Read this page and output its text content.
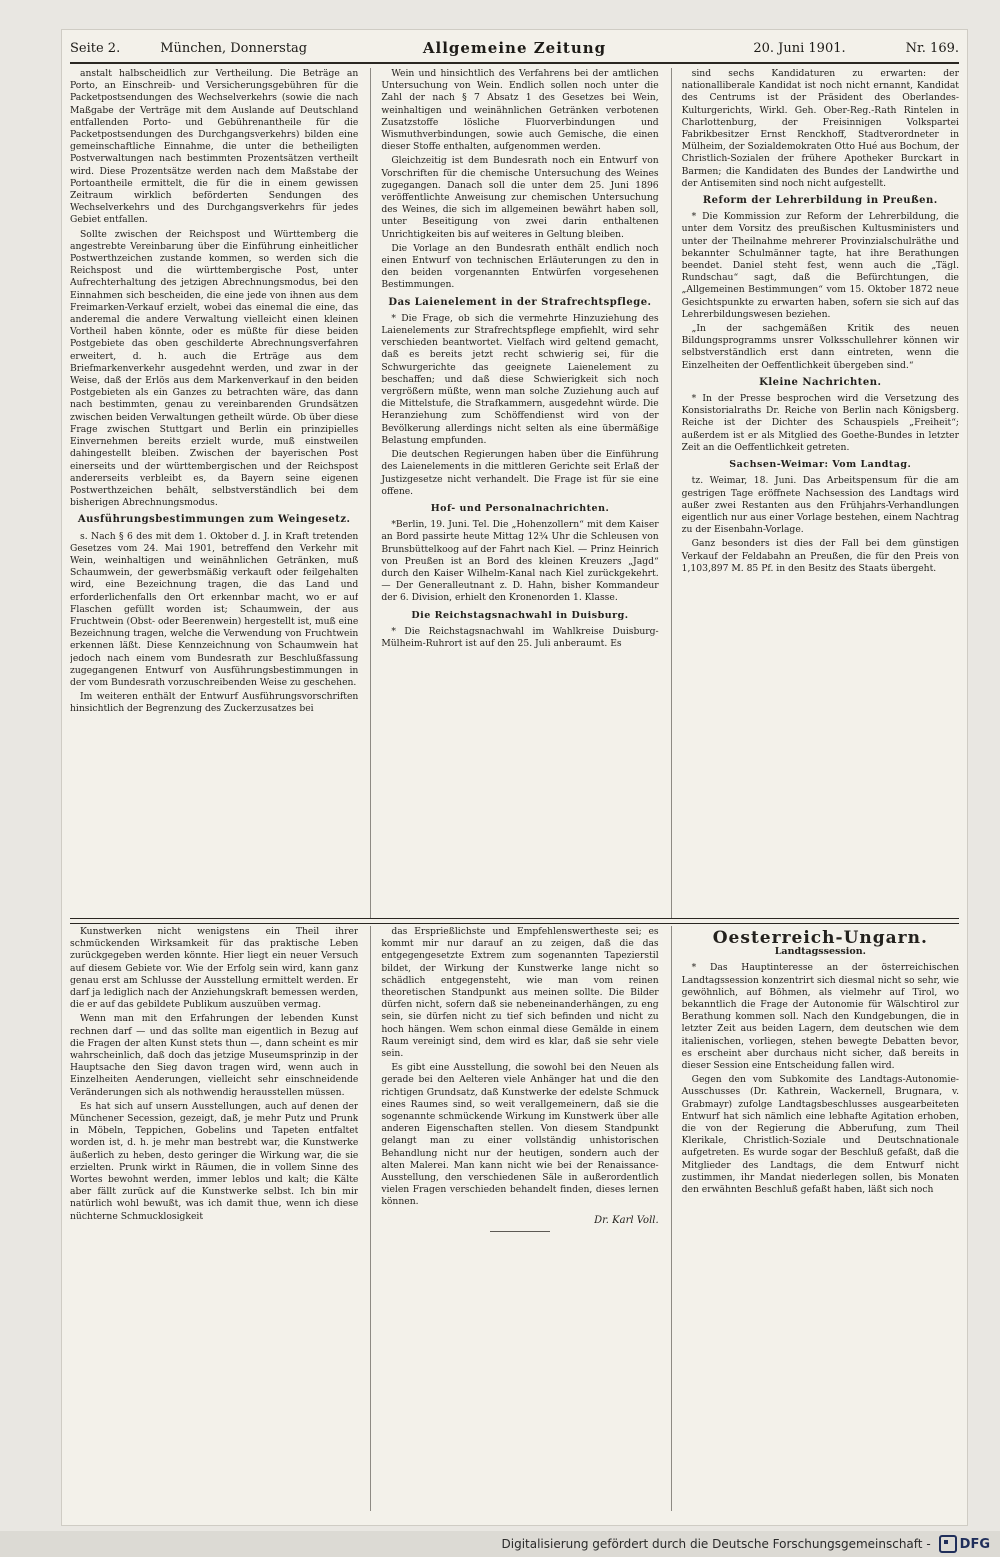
Seite 2.	München, Donnerstag	Allgemeine Zeitung	20. Juni 1901.	Nr. 169.

anstalt halbscheidlich zur Vertheilung. Die Beträge an Porto, an Einschreib- und Versicherungsgebühren für die Packetpostsendungen des Wechselverkehrs (sowie die nach Maßgabe der Verträge mit dem Auslande auf Deutschland entfallenden Porto- und Gebührenantheile für die Packetpostsendungen des Durchgangsverkehrs) bilden eine gemeinschaftliche Einnahme, die unter die betheiligten Postverwaltungen nach bestimmten Prozentsätzen vertheilt wird. Diese Prozentsätze werden nach dem Maßstabe der Portoantheile ermittelt, die für die in einem gewissen Zeitraum wirklich beförderten Sendungen des Wechselverkehrs und des Durchgangsverkehrs für jedes Gebiet entfallen.

Sollte zwischen der Reichspost und Württemberg die angestrebte Vereinbarung über die Einführung einheitlicher Postwerthzeichen zustande kommen, so werden sich die Reichspost und die württembergische Post, unter Aufrechterhaltung des jetzigen Abrechnungsmodus, bei den Einnahmen sich bescheiden, die eine jede von ihnen aus dem Freimarken-Verkauf erzielt, wobei das einemal die eine, das anderemal die andere Verwaltung vielleicht einen kleinen Vortheil haben könnte, oder es müßte für diese beiden Postgebiete das oben geschilderte Abrechnungsverfahren erweitert, d. h. auch die Erträge aus dem Briefmarkenverkehr ausgedehnt werden, und zwar in der Weise, daß der Erlös aus dem Markenverkauf in den beiden Postgebieten als ein Ganzes zu betrachten wäre, das dann nach bestimmten, genau zu vereinbarenden Grundsätzen zwischen beiden Verwaltungen getheilt würde. Ob über diese Frage zwischen Stuttgart und Berlin ein prinzipielles Einvernehmen bereits erzielt wurde, muß einstweilen dahingestellt bleiben. Zwischen der bayerischen Post einerseits und der württembergischen und der Reichspost andererseits verbleibt es, da Bayern seine eigenen Postwerthzeichen behält, selbstverständlich bei dem bisherigen Abrechnungsmodus.

Ausführungsbestimmungen zum Weingesetz.

s. Nach § 6 des mit dem 1. Oktober d. J. in Kraft tretenden Gesetzes vom 24. Mai 1901, betreffend den Verkehr mit Wein, weinhaltigen und weinähnlichen Getränken, muß Schaumwein, der gewerbsmäßig verkauft oder feilgehalten wird, eine Bezeichnung tragen, die das Land und erforderlichenfalls den Ort erkennbar macht, wo er auf Flaschen gefüllt worden ist; Schaumwein, der aus Fruchtwein (Obst- oder Beerenwein) hergestellt ist, muß eine Bezeichnung tragen, welche die Verwendung von Fruchtwein erkennen läßt. Diese Kennzeichnung von Schaumwein hat jedoch nach einem vom Bundesrath zur Beschlußfassung zugegangenen Entwurf von Ausführungsbestimmungen in der vom Bundesrath vorzuschreibenden Weise zu geschehen.

Im weiteren enthält der Entwurf Ausführungsvorschriften hinsichtlich der Begrenzung des Zuckerzusatzes bei

Wein und hinsichtlich des Verfahrens bei der amtlichen Untersuchung von Wein. Endlich sollen noch unter die Zahl der nach § 7 Absatz 1 des Gesetzes bei Wein, weinhaltigen und weinähnlichen Getränken verbotenen Zusatzstoffe lösliche Fluorverbindungen und Wismuthverbindungen, sowie auch Gemische, die einen dieser Stoffe enthalten, aufgenommen werden.

Gleichzeitig ist dem Bundesrath noch ein Entwurf von Vorschriften für die chemische Untersuchung des Weines zugegangen. Danach soll die unter dem 25. Juni 1896 veröffentlichte Anweisung zur chemischen Untersuchung des Weines, die sich im allgemeinen bewährt haben soll, unter Beseitigung von zwei darin enthaltenen Unrichtigkeiten bis auf weiteres in Geltung bleiben.

Die Vorlage an den Bundesrath enthält endlich noch einen Entwurf von technischen Erläuterungen zu den in den beiden vorgenannten Entwürfen vorgesehenen Bestimmungen.

Das Laienelement in der Strafrechtspflege.

* Die Frage, ob sich die vermehrte Hinzuziehung des Laienelements zur Strafrechtspflege empfiehlt, wird sehr verschieden beantwortet. Vielfach wird geltend gemacht, daß es bereits jetzt recht schwierig sei, für die Schwurgerichte das geeignete Laienelement zu beschaffen; und daß diese Schwierigkeit sich noch vergrößern müßte, wenn man solche Zuziehung auch auf die Mittelstufe, die Strafkammern, ausgedehnt würde. Die Heranziehung zum Schöffendienst wird von der Bevölkerung allerdings nicht selten als eine übermäßige Belastung empfunden.

Die deutschen Regierungen haben über die Einführung des Laienelements in die mittleren Gerichte seit Erlaß der Justizgesetze nicht verhandelt. Die Frage ist für sie eine offene.

Hof- und Personalnachrichten.

*Berlin, 19. Juni. Tel. Die „Hohenzollern“ mit dem Kaiser an Bord passirte heute Mittag 12¾ Uhr die Schleusen von Brunsbüttelkoog auf der Fahrt nach Kiel. — Prinz Heinrich von Preußen ist an Bord des kleinen Kreuzers „Jagd“ durch den Kaiser Wilhelm-Kanal nach Kiel zurückgekehrt. — Der Generalleutnant z. D. Hahn, bisher Kommandeur der 6. Division, erhielt den Kronenorden 1. Klasse.

Die Reichstagsnachwahl in Duisburg.

* Die Reichstagsnachwahl im Wahlkreise Duisburg-Mülheim-Ruhrort ist auf den 25. Juli anberaumt. Es

sind sechs Kandidaturen zu erwarten: der nationalliberale Kandidat ist noch nicht ernannt, Kandidat des Centrums ist der Präsident des Oberlandes-Kulturgerichts, Wirkl. Geh. Ober-Reg.-Rath Rintelen in Charlottenburg, der Freisinnigen Volkspartei Fabrikbesitzer Ernst Renckhoff, Stadtverordneter in Mülheim, der Sozialdemokraten Otto Hué aus Bochum, der Christlich-Sozialen der frühere Apotheker Burckart in Barmen; die Kandidaten des Bundes der Landwirthe und der Antisemiten sind noch nicht aufgestellt.

Reform der Lehrerbildung in Preußen.

* Die Kommission zur Reform der Lehrerbildung, die unter dem Vorsitz des preußischen Kultusministers und unter der Theilnahme mehrerer Provinzialschulräthe und bekannter Schulmänner tagte, hat ihre Berathungen beendet. Daniel steht fest, wenn auch die „Tägl. Rundschau“ sagt, daß die Befürchtungen, die „Allgemeinen Bestimmungen“ vom 15. Oktober 1872 neue Gesichtspunkte zu erwarten haben, sofern sie sich auf das Lehrerbildungswesen beziehen.

„In der sachgemäßen Kritik des neuen Bildungsprogramms unsrer Volksschullehrer können wir selbstverständlich erst dann eintreten, wenn die Einzelheiten der Oeffentlichkeit übergeben sind.“

Kleine Nachrichten.

* In der Presse besprochen wird die Versetzung des Konsistorialraths Dr. Reiche von Berlin nach Königsberg. Reiche ist der Dichter des Schauspiels „Freiheit“; außerdem ist er als Mitglied des Goethe-Bundes in letzter Zeit an die Oeffentlichkeit getreten.

Sachsen-Weimar: Vom Landtag.

tz. Weimar, 18. Juni. Das Arbeitspensum für die am gestrigen Tage eröffnete Nachsession des Landtags wird außer zwei Restanten aus den Frühjahrs-Verhandlungen eigentlich nur aus einer Vorlage bestehen, einem Nachtrag zu der Eisenbahn-Vorlage.

Ganz besonders ist dies der Fall bei dem günstigen Verkauf der Feldabahn an Preußen, die für den Preis von 1,103,897 M. 85 Pf. in den Besitz des Staats übergeht.

Kunstwerken nicht wenigstens ein Theil ihrer schmückenden Wirksamkeit für das praktische Leben zurückgegeben werden könnte. Hier liegt ein neuer Versuch auf diesem Gebiete vor. Wie der Erfolg sein wird, kann ganz genau erst am Schlusse der Ausstellung ermittelt werden. Er darf ja lediglich nach der Anziehungskraft bemessen werden, die er auf das gebildete Publikum auszuüben vermag.

Wenn man mit den Erfahrungen der lebenden Kunst rechnen darf — und das sollte man eigentlich in Bezug auf die Fragen der alten Kunst stets thun —, dann scheint es mir wahrscheinlich, daß doch das jetzige Museumsprinzip in der Hauptsache den Sieg davon tragen wird, wenn auch in Einzelheiten Aenderungen, vielleicht sehr einschneidende Veränderungen sich als nothwendig herausstellen müssen.

Es hat sich auf unsern Ausstellungen, auch auf denen der Münchener Secession, gezeigt, daß, je mehr Putz und Prunk in Möbeln, Teppichen, Gobelins und Tapeten entfaltet worden ist, d. h. je mehr man bestrebt war, die Kunstwerke äußerlich zu heben, desto geringer die Wirkung war, die sie erzielten. Prunk wirkt in Räumen, die in vollem Sinne des Wortes bewohnt werden, immer leblos und kalt; die Kälte aber fällt zurück auf die Kunstwerke selbst. Ich bin mir natürlich wohl bewußt, was ich damit thue, wenn ich diese nüchterne Schmucklosigkeit

das Ersprießlichste und Empfehlenswertheste sei; es kommt mir nur darauf an zu zeigen, daß die das entgegengesetzte Extrem zum sogenannten Tapezierstil bildet, der Wirkung der Kunstwerke lange nicht so schädlich entgegensteht, wie man vom reinen theoretischen Standpunkt aus meinen sollte. Die Bilder dürfen nicht, sofern daß sie nebeneinanderhängen, zu eng sein, sie dürfen nicht zu tief sich befinden und nicht zu hoch hängen. Wem schon einmal diese Gemälde in einem Raum vereinigt sind, dem wird es klar, daß sie sehr viele sein.

Es gibt eine Ausstellung, die sowohl bei den Neuen als gerade bei den Aelteren viele Anhänger hat und die den richtigen Grundsatz, daß Kunstwerke der edelste Schmuck eines Raumes sind, so weit verallgemeinern, daß sie die sogenannte schmückende Wirkung im Kunstwerk über alle anderen Eigenschaften stellen. Von diesem Standpunkt gelangt man zu einer vollständig unhistorischen Behandlung nicht nur der heutigen, sondern auch der alten Malerei. Man kann nicht wie bei der Renaissance-Ausstellung, den verschiedenen Säle in außerordentlich vielen Fragen verschieden behandelt finden, dieses lernen können.

Dr. Karl Voll.
Oesterreich-Ungarn.
Landtagssession.

* Das Hauptinteresse an der österreichischen Landtagssession konzentrirt sich diesmal nicht so sehr, wie gewöhnlich, auf Böhmen, als vielmehr auf Tirol, wo bekanntlich die Frage der Autonomie für Wälschtirol zur Berathung kommen soll. Nach den Kundgebungen, die in letzter Zeit aus beiden Lagern, dem deutschen wie dem italienischen, vorliegen, stehen bewegte Debatten bevor, es erscheint aber durchaus nicht sicher, daß bereits in dieser Session eine Entscheidung fallen wird.

Gegen den vom Subkomite des Landtags-Autonomie-Ausschusses (Dr. Kathrein, Wackernell, Brugnara, v. Grabmayr) zufolge Landtagsbeschlusses ausgearbeiteten Entwurf hat sich nämlich eine lebhafte Agitation erhoben, die von der Regierung die Abberufung, zum Theil Klerikale, Christlich-Soziale und Deutschnationale aufgetreten. Es wurde sogar der Beschluß gefaßt, daß die Mitglieder des Landtags, die dem Entwurf nicht zustimmen, ihr Mandat niederlegen sollen, bis Monaten den erwähnten Beschluß gefaßt haben, läßt sich noch

Digitalisierung gefördert durch die Deutsche Forschungsgemeinschaft - DFG
